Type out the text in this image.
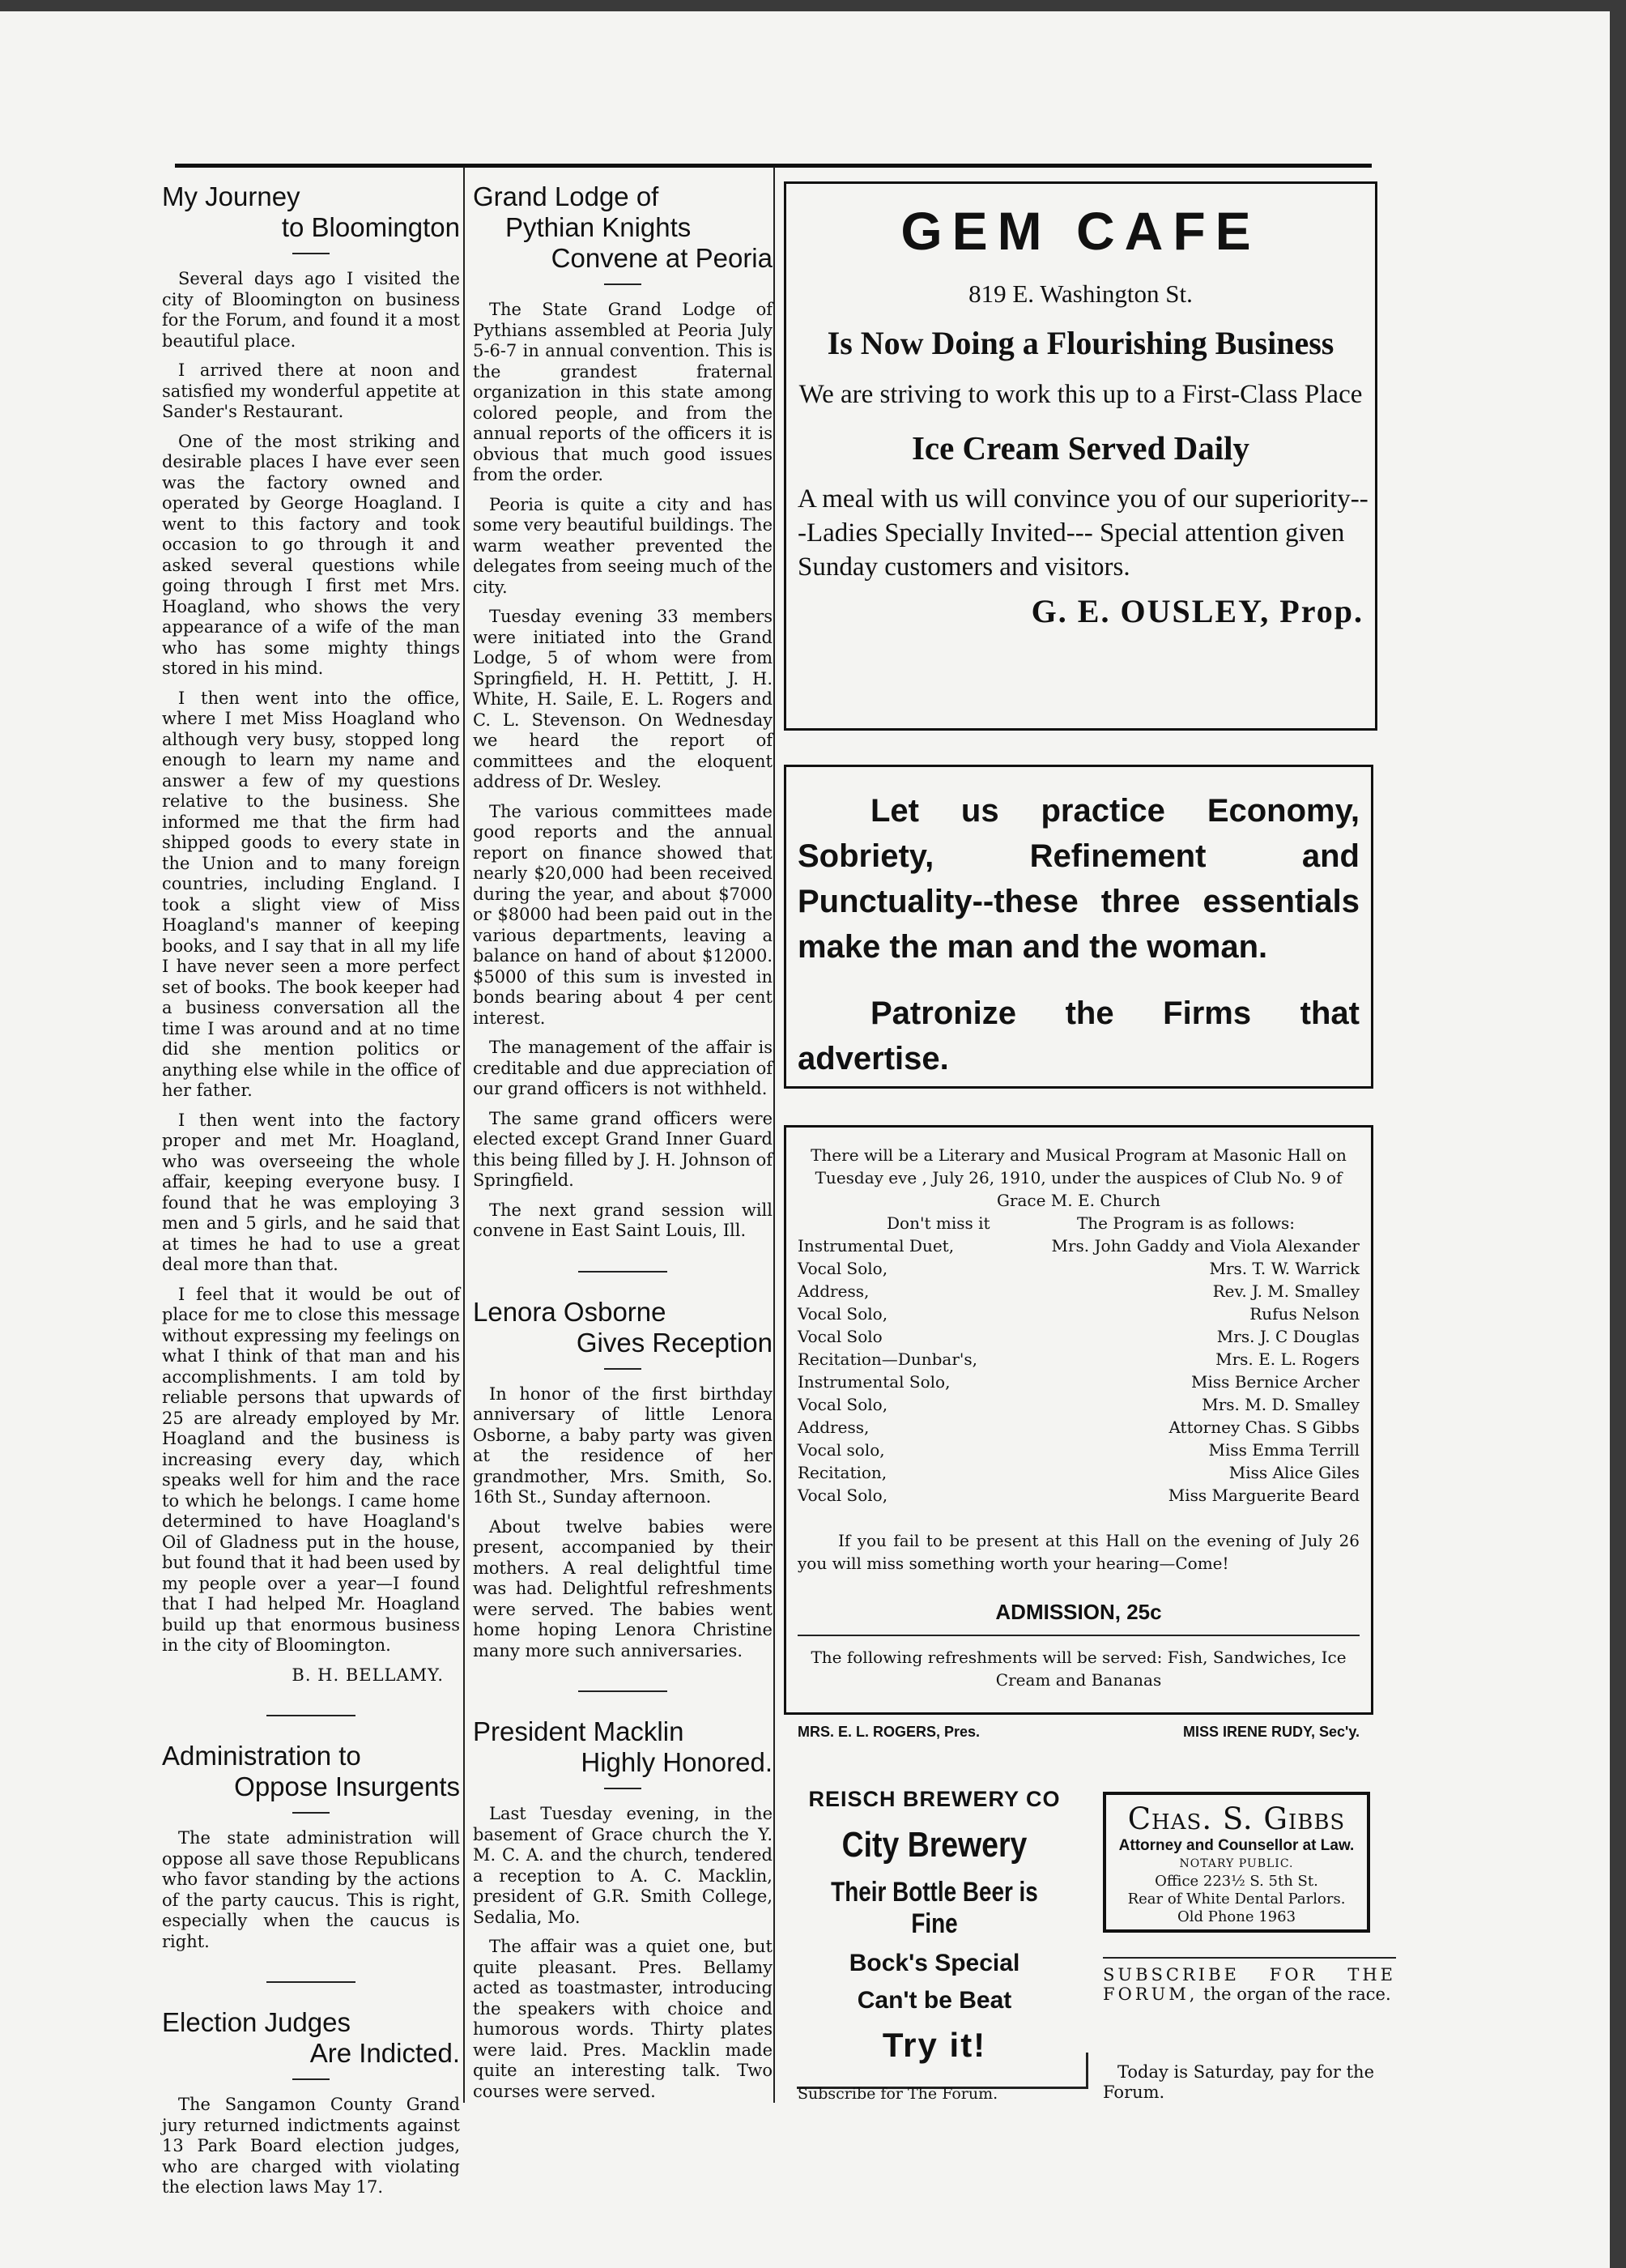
My Journey
to Bloomington

Several days ago I visited the city of Bloomington on business for the Forum, and found it a most beautiful place.

I arrived there at noon and satisfied my wonderful appetite at Sander's Restaurant.

One of the most striking and desirable places I have ever seen was the factory owned and operated by George Hoagland. I went to this factory and took occasion to go through it and asked several questions while going through I first met Mrs. Hoagland, who shows the very appearance of a wife of the man who has some mighty things stored in his mind.

I then went into the office, where I met Miss Hoagland who although very busy, stopped long enough to learn my name and answer a few of my questions relative to the business. She informed me that the firm had shipped goods to every state in the Union and to many foreign countries, including England. I took a slight view of Miss Hoagland's manner of keeping books, and I say that in all my life I have never seen a more perfect set of books. The book keeper had a business conversation all the time I was around and at no time did she mention politics or anything else while in the office of her father.

I then went into the factory proper and met Mr. Hoagland, who was overseeing the whole affair, keeping everyone busy. I found that he was employing 3 men and 5 girls, and he said that at times he had to use a great deal more than that.

I feel that it would be out of place for me to close this message without expressing my feelings on what I think of that man and his accomplishments. I am told by reliable persons that upwards of 25 are already employed by Mr. Hoagland and the business is increasing every day, which speaks well for him and the race to which he belongs. I came home determined to have Hoagland's Oil of Gladness put in the house, but found that it had been used by my people over a year—I found that I had helped Mr. Hoagland build up that enormous business in the city of Bloomington.

B. H. BELLAMY.
Administration to
Oppose Insurgents

The state administration will oppose all save those Republicans who favor standing by the actions of the party caucus. This is right, especially when the caucus is right.

Election Judges
Are Indicted.

The Sangamon County Grand jury returned indictments against 13 Park Board election judges, who are charged with violating the election laws May 17.

Grand Lodge of
Pythian Knights
Convene at Peoria

The State Grand Lodge of Pythians assembled at Peoria July 5-6-7 in annual convention. This is the grandest fraternal organization in this state among colored people, and from the annual reports of the officers it is obvious that much good issues from the order.

Peoria is quite a city and has some very beautiful buildings. The warm weather prevented the delegates from seeing much of the city.

Tuesday evening 33 members were initiated into the Grand Lodge, 5 of whom were from Springfield, H. H. Pettitt, J. H. White, H. Saile, E. L. Rogers and C. L. Stevenson. On Wednesday we heard the report of committees and the eloquent address of Dr. Wesley.

The various committees made good reports and the annual report on finance showed that nearly $20,000 had been received during the year, and about $7000 or $8000 had been paid out in the various departments, leaving a balance on hand of about $12000. $5000 of this sum is invested in bonds bearing about 4 per cent interest.

The management of the affair is creditable and due appreciation of our grand officers is not withheld.

The same grand officers were elected except Grand Inner Guard this being filled by J. H. Johnson of Springfield.

The next grand session will convene in East Saint Louis, Ill.

Lenora Osborne
Gives Reception

In honor of the first birthday anniversary of little Lenora Osborne, a baby party was given at the residence of her grandmother, Mrs. Smith, So. 16th St., Sunday afternoon.

About twelve babies were present, accompanied by their mothers. A real delightful time was had. Delightful refreshments were served. The babies went home hoping Lenora Christine many more such anniversaries.

President Macklin
Highly Honored.

Last Tuesday evening, in the basement of Grace church the Y. M. C. A. and the church, tendered a reception to A. C. Macklin, president of G.R. Smith College, Sedalia, Mo.

The affair was a quiet one, but quite pleasant. Pres. Bellamy acted as toastmaster, introducing the speakers with choice and humorous words. Thirty plates were laid. Pres. Macklin made quite an interesting talk. Two courses were served.

GEM CAFE
819 E. Washington St.
Is Now Doing a Flourishing Business
We are striving to work this up to a First-Class Place
Ice Cream Served Daily
A meal with us will convince you of our superiority---Ladies Specially Invited--- Special attention given Sunday customers and visitors.
G. E. OUSLEY, Prop.

Let us practice Economy, Sobriety, Refinement and Punctuality--these three essentials make the man and the woman.

Patronize the Firms that advertise.

There will be a Literary and Musical Program at Masonic Hall on Tuesday eve , July 26, 1910, under the auspices of Club No. 9 of Grace M. E. Church
Don't miss it	The Program is as follows:
Instrumental Duet,
Vocal Solo,
Address,
Vocal Solo,
Vocal Solo
Recitation—Dunbar's,
Instrumental Solo,
Vocal Solo,
Address,
Vocal solo,
Recitation,
Vocal Solo,
Mrs. John Gaddy and Viola Alexander
Mrs. T. W. Warrick
Rev. J. M. Smalley
Rufus Nelson
Mrs. J. C Douglas
Mrs. E. L. Rogers
Miss Bernice Archer
Mrs. M. D. Smalley
Attorney Chas. S Gibbs
Miss Emma Terrill
Miss Alice Giles
Miss Marguerite Beard
If you fail to be present at this Hall on the evening of July 26 you will miss something worth your hearing—Come!
ADMISSION, 25c
The following refreshments will be served: Fish, Sandwiches, Ice Cream and Bananas
MRS. E. L. ROGERS, Pres.	MISS IRENE RUDY, Sec'y.
REISCH BREWERY CO
City Brewery
Their Bottle Beer is Fine
Bock's Special
Can't be Beat
Try it!
Chas. S. Gibbs
Attorney and Counsellor at Law.
NOTARY PUBLIC.
Office 223½ S. 5th St.
Rear of White Dental Parlors.
Old Phone 1963
SUBSCRIBE FOR THE FORUM, the organ of the race.
Today is Saturday, pay for the Forum.
Subscribe for The Forum.
